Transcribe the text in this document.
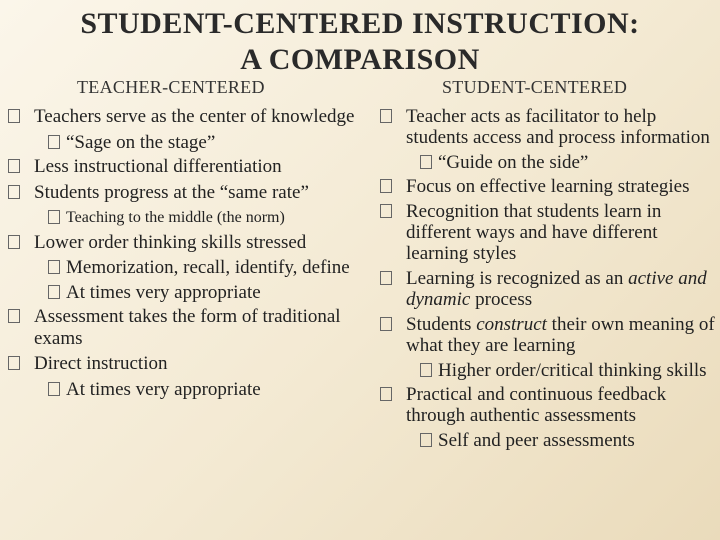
STUDENT-CENTERED INSTRUCTION:
A COMPARISON
TEACHER-CENTERED	STUDENT-CENTERED
Teachers serve as the center of knowledge
“Sage on the stage”
Less instructional differentiation
Students progress at the “same rate”
Teaching to the middle (the norm)
Lower order thinking skills stressed
Memorization, recall, identify, define
At times very appropriate
Assessment takes the form of traditional exams
Direct instruction
At times very appropriate
Teacher acts as facilitator to help students access and process information
“Guide on the side”
Focus on effective learning strategies
Recognition that students learn in different ways and have different learning styles
Learning is recognized as an active and dynamic process
Students construct their own meaning of what they are learning
Higher order/critical thinking skills
Practical and continuous feedback through authentic assessments
Self and peer assessments
